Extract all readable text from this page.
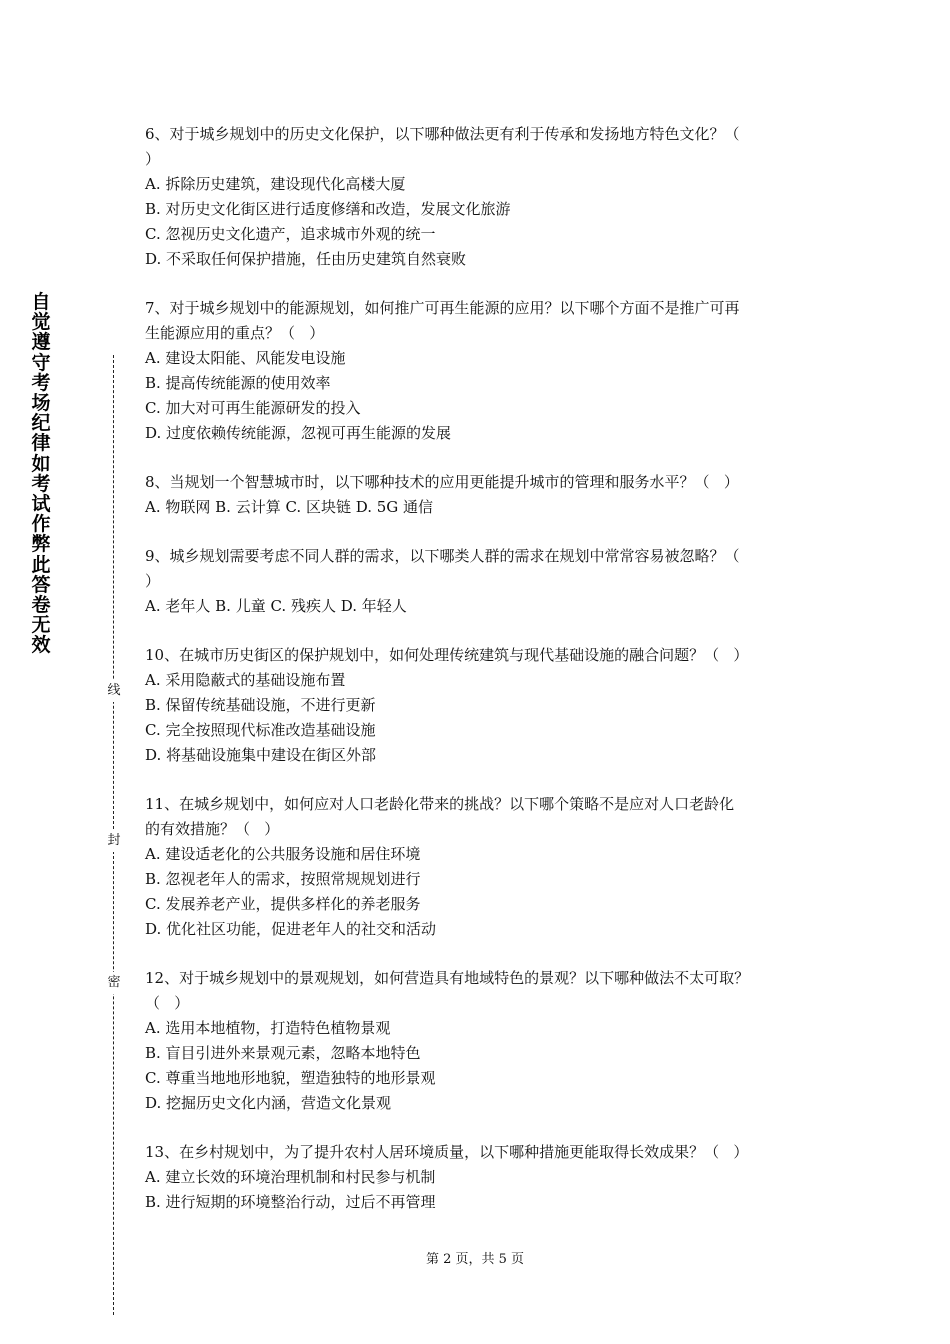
自觉遵守考场纪律如考试作弊此答卷无效
线
封
密
6、对于城乡规划中的历史文化保护，以下哪种做法更有利于传承和发扬地方特色文化？（
）
A. 拆除历史建筑，建设现代化高楼大厦
B. 对历史文化街区进行适度修缮和改造，发展文化旅游
C. 忽视历史文化遗产，追求城市外观的统一
D. 不采取任何保护措施，任由历史建筑自然衰败
7、对于城乡规划中的能源规划，如何推广可再生能源的应用？以下哪个方面不是推广可再
生能源应用的重点？（   ）
A. 建设太阳能、风能发电设施
B. 提高传统能源的使用效率
C. 加大对可再生能源研发的投入
D. 过度依赖传统能源，忽视可再生能源的发展
8、当规划一个智慧城市时，以下哪种技术的应用更能提升城市的管理和服务水平？（   ）
A. 物联网 B. 云计算 C. 区块链 D. 5G 通信
9、城乡规划需要考虑不同人群的需求，以下哪类人群的需求在规划中常常容易被忽略？（
）
A. 老年人 B. 儿童 C. 残疾人 D. 年轻人
10、在城市历史街区的保护规划中，如何处理传统建筑与现代基础设施的融合问题？（   ）
A. 采用隐蔽式的基础设施布置
B. 保留传统基础设施，不进行更新
C. 完全按照现代标准改造基础设施
D. 将基础设施集中建设在街区外部
11、在城乡规划中，如何应对人口老龄化带来的挑战？以下哪个策略不是应对人口老龄化
的有效措施？（   ）
A. 建设适老化的公共服务设施和居住环境
B. 忽视老年人的需求，按照常规规划进行
C. 发展养老产业，提供多样化的养老服务
D. 优化社区功能，促进老年人的社交和活动
12、对于城乡规划中的景观规划，如何营造具有地域特色的景观？以下哪种做法不太可取？
（   ）
A. 选用本地植物，打造特色植物景观
B. 盲目引进外来景观元素，忽略本地特色
C. 尊重当地地形地貌，塑造独特的地形景观
D. 挖掘历史文化内涵，营造文化景观
13、在乡村规划中，为了提升农村人居环境质量，以下哪种措施更能取得长效成果？（   ）
A. 建立长效的环境治理机制和村民参与机制
B. 进行短期的环境整治行动，过后不再管理
第 2 页，共 5 页
